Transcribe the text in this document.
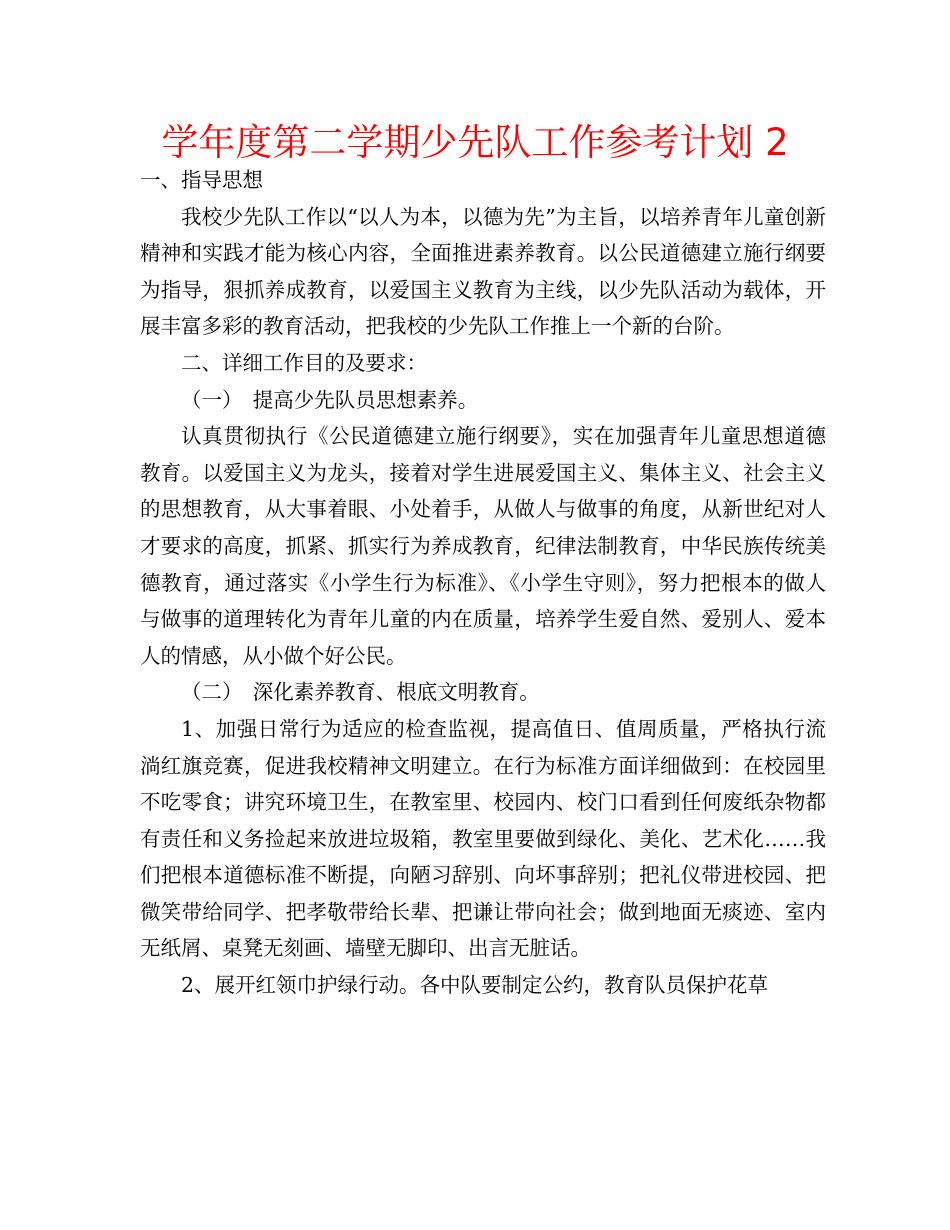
学年度第二学期少先队工作参考计划 2

一、指导思想

我校少先队工作以“以人为本，以德为先”为主旨，以培养青年儿童创新精神和实践才能为核心内容，全面推进素养教育。以公民道德建立施行纲要为指导，狠抓养成教育，以爱国主义教育为主线，以少先队活动为载体，开展丰富多彩的教育活动，把我校的少先队工作推上一个新的台阶。

二、详细工作目的及要求：

（一）　提高少先队员思想素养。

认真贯彻执行《公民道德建立施行纲要》，实在加强青年儿童思想道德教育。以爱国主义为龙头，接着对学生进展爱国主义、集体主义、社会主义的思想教育，从大事着眼、小处着手，从做人与做事的角度，从新世纪对人才要求的高度，抓紧、抓实行为养成教育，纪律法制教育，中华民族传统美德教育，通过落实《小学生行为标准》、《小学生守则》，努力把根本的做人与做事的道理转化为青年儿童的内在质量，培养学生爱自然、爱别人、爱本人的情感，从小做个好公民。

（二）　深化素养教育、根底文明教育。

1、加强日常行为适应的检查监视，提高值日、值周质量，严格执行流淌红旗竞赛，促进我校精神文明建立。在行为标准方面详细做到：在校园里不吃零食；讲究环境卫生，在教室里、校园内、校门口看到任何废纸杂物都有责任和义务捡起来放进垃圾箱，教室里要做到绿化、美化、艺术化……我们把根本道德标准不断提，向陋习辞别、向坏事辞别；把礼仪带进校园、把微笑带给同学、把孝敬带给长辈、把谦让带向社会；做到地面无痰迹、室内无纸屑、桌凳无刻画、墙壁无脚印、出言无脏话。

2、展开红领巾护绿行动。各中队要制定公约，教育队员保护花草
